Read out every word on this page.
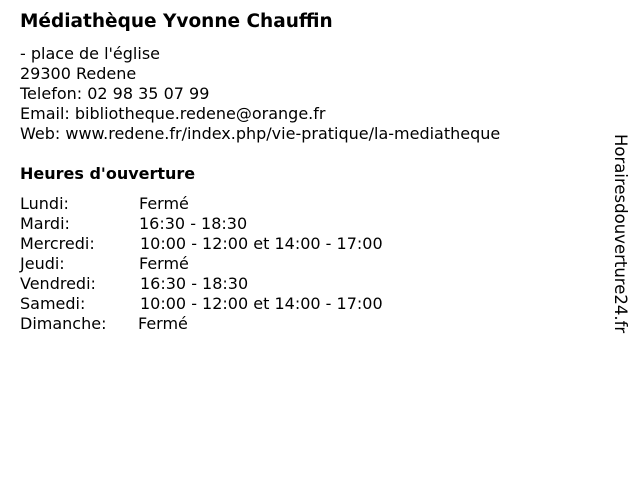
Médiathèque Yvonne Chauffin
- place de l'église
29300 Redene
Telefon: 02 98 35 07 99
Email: bibliotheque.redene@orange.fr
Web: www.redene.fr/index.php/vie-pratique/la-mediatheque
Heures d'ouverture
Lundi:	Fermé
Mardi:	16:30 - 18:30
Mercredi:	10:00 - 12:00 et 14:00 - 17:00
Jeudi:	Fermé
Vendredi:	16:30 - 18:30
Samedi:	10:00 - 12:00 et 14:00 - 17:00
Dimanche:	Fermé	Horairesdouverture24.fr
